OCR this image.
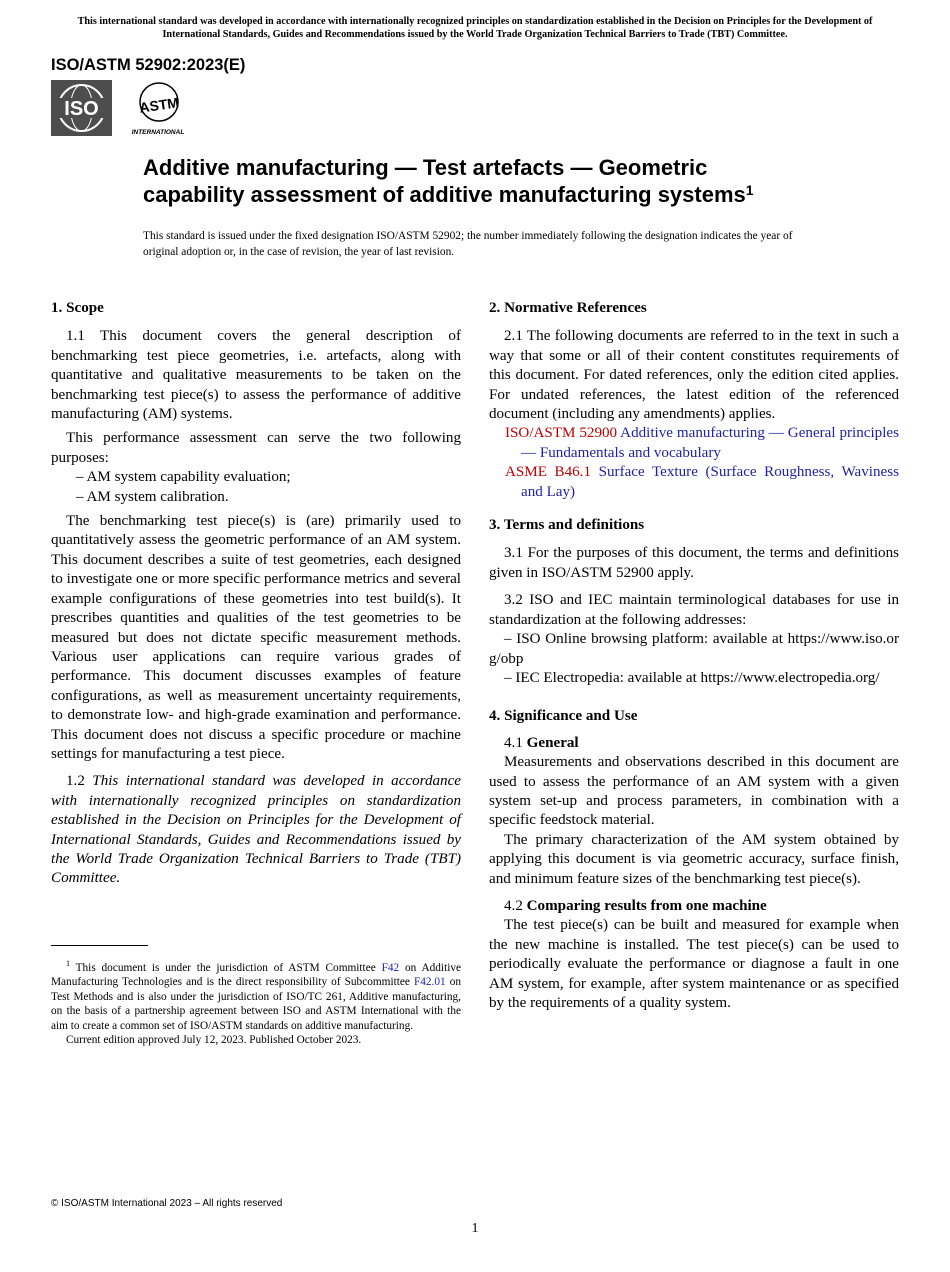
This international standard was developed in accordance with internationally recognized principles on standardization established in the Decision on Principles for the Development of International Standards, Guides and Recommendations issued by the World Trade Organization Technical Barriers to Trade (TBT) Committee.
ISO/ASTM 52902:2023(E)
ISO	ASTM
INTERNATIONAL
Additive manufacturing — Test artefacts — Geometric
capability assessment of additive manufacturing systems$^1$
This standard is issued under the fixed designation ISO/ASTM 52902; the number immediately following the designation indicates the year of original adoption or, in the case of revision, the year of last revision.
1. Scope

1.1 This document covers the general description of benchmarking test piece geometries, i.e. artefacts, along with quantitative and qualitative measurements to be taken on the benchmarking test piece(s) to assess the performance of additive manufacturing (AM) systems.

This performance assessment can serve the two following purposes:

– AM system capability evaluation;
– AM system calibration.

The benchmarking test piece(s) is (are) primarily used to quantitatively assess the geometric performance of an AM system. This document describes a suite of test geometries, each designed to investigate one or more specific performance metrics and several example configurations of these geometries into test build(s). It prescribes quantities and qualities of the test geometries to be measured but does not dictate specific measurement methods. Various user applications can require various grades of performance. This document discusses examples of feature configurations, as well as measurement uncertainty requirements, to demonstrate low- and high-grade examination and performance. This document does not discuss a specific procedure or machine settings for manufacturing a test piece.

1.2 This international standard was developed in accordance with internationally recognized principles on standardization established in the Decision on Principles for the Development of International Standards, Guides and Recommendations issued by the World Trade Organization Technical Barriers to Trade (TBT) Committee.

$^1$ This document is under the jurisdiction of ASTM Committee F42 on Additive Manufacturing Technologies and is the direct responsibility of Subcommittee F42.01 on Test Methods and is also under the jurisdiction of ISO/TC 261, Additive manufacturing, on the basis of a partnership agreement between ISO and ASTM International with the aim to create a common set of ISO/ASTM standards on additive manufacturing.

Current edition approved July 12, 2023. Published October 2023.

2. Normative References

2.1 The following documents are referred to in the text in such a way that some or all of their content constitutes requirements of this document. For dated references, only the edition cited applies. For undated references, the latest edition of the referenced document (including any amendments) applies.

ISO/ASTM 52900 Additive manufacturing — General principles — Fundamentals and vocabulary
ASME B46.1 Surface Texture (Surface Roughness, Waviness and Lay)
3. Terms and definitions

3.1 For the purposes of this document, the terms and definitions given in ISO/ASTM 52900 apply.

3.2 ISO and IEC maintain terminological databases for use in standardization at the following addresses:

– ISO Online browsing platform: available at https://www.iso.org/obp

– IEC Electropedia: available at https://www.electropedia.org/

4. Significance and Use
4.1 General

Measurements and observations described in this document are used to assess the performance of an AM system with a given system set-up and process parameters, in combination with a specific feedstock material.

The primary characterization of the AM system obtained by applying this document is via geometric accuracy, surface finish, and minimum feature sizes of the benchmarking test piece(s).

4.2 Comparing results from one machine

The test piece(s) can be built and measured for example when the new machine is installed. The test piece(s) can be used to periodically evaluate the performance or diagnose a fault in one AM system, for example, after system maintenance or as specified by the requirements of a quality system.

© ISO/ASTM International 2023 – All rights reserved
1
